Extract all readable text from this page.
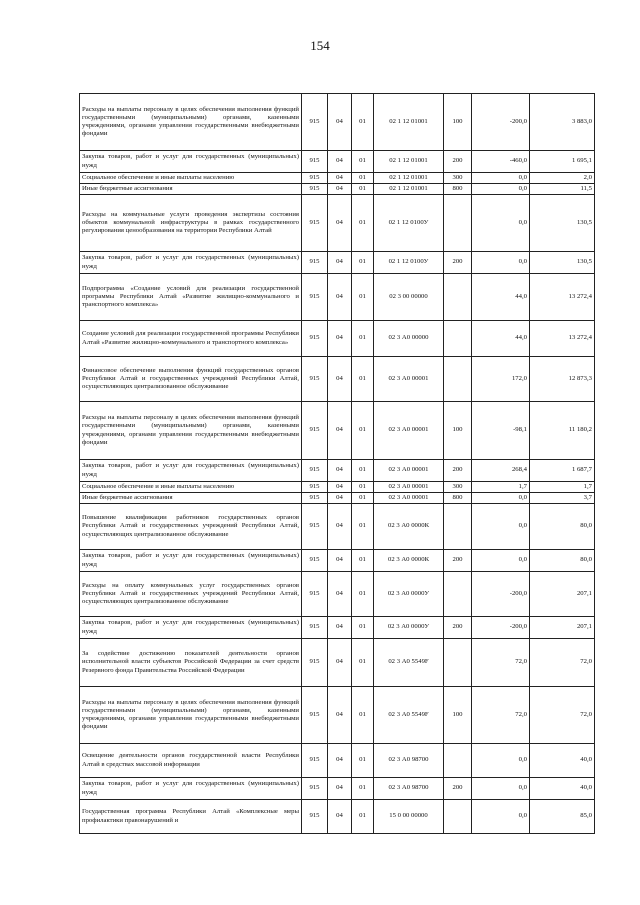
154
Расходы на выплаты персоналу в целях обеспечения выполнения функций государственными (муниципальными) органами, казенными учреждениями, органами управления государственными внебюджетными фондами	915	04	01	02 1 12 01001	100	-200,0	3 883,0
Закупка товаров, работ и услуг для государственных (муниципальных) нужд	915	04	01	02 1 12 01001	200	-460,0	1 695,1
Социальное обеспечение и иные выплаты населению	915	04	01	02 1 12 01001	300	0,0	2,0
Иные бюджетные ассигнования	915	04	01	02 1 12 01001	800	0,0	11,5
Расходы на коммунальные услуги проведения экспертизы состояния объектов коммунальной инфраструктуры в рамках государственного регулирования ценообразования на территории Республики Алтай	915	04	01	02 1 12 0100У		0,0	130,5
Закупка товаров, работ и услуг для государственных (муниципальных) нужд	915	04	01	02 1 12 0100У	200	0,0	130,5
Подпрограмма «Создание условий для реализации государственной программы Республики Алтай «Развитие жилищно-коммунального и транспортного комплекса»	915	04	01	02 3 00 00000		44,0	13 272,4
Создание условий для реализации государственной программы Республики Алтай «Развитие жилищно-коммунального и транспортного комплекса»	915	04	01	02 3 А0 00000		44,0	13 272,4
Финансовое обеспечение выполнения функций государственных органов Республики Алтай и государственных учреждений Республики Алтай, осуществляющих централизованное обслуживание	915	04	01	02 3 А0 00001		172,0	12 873,3
Расходы на выплаты персоналу в целях обеспечения выполнения функций государственными (муниципальными) органами, казенными учреждениями, органами управления государственными внебюджетными фондами	915	04	01	02 3 А0 00001	100	-98,1	11 180,2
Закупка товаров, работ и услуг для государственных (муниципальных) нужд	915	04	01	02 3 А0 00001	200	268,4	1 687,7
Социальное обеспечение и иные выплаты населению	915	04	01	02 3 А0 00001	300	1,7	1,7
Иные бюджетные ассигнования	915	04	01	02 3 А0 00001	800	0,0	3,7
Повышение квалификации работников государственных органов Республики Алтай и государственных учреждений Республики Алтай, осуществляющих централизованное обслуживание	915	04	01	02 3 А0 0000К		0,0	80,0
Закупка товаров, работ и услуг для государственных (муниципальных) нужд	915	04	01	02 3 А0 0000К	200	0,0	80,0
Расходы на оплату коммунальных услуг государственных органов Республики Алтай и государственных учреждений Республики Алтай, осуществляющих централизованное обслуживание	915	04	01	02 3 А0 0000У		-200,0	207,1
Закупка товаров, работ и услуг для государственных (муниципальных) нужд	915	04	01	02 3 А0 0000У	200	-200,0	207,1
За содействие достижению показателей деятельности органов исполнительной власти субъектов Российской Федерации за счет средств Резервного фонда Правительства Российской Федерации	915	04	01	02 3 А0 5549F		72,0	72,0
Расходы на выплаты персоналу в целях обеспечения выполнения функций государственными (муниципальными) органами, казенными учреждениями, органами управления государственными внебюджетными фондами	915	04	01	02 3 А0 5549F	100	72,0	72,0
Освещение деятельности органов государственной власти Республики Алтай в средствах массовой информации	915	04	01	02 3 А0 98700		0,0	40,0
Закупка товаров, работ и услуг для государственных (муниципальных) нужд	915	04	01	02 3 А0 98700	200	0,0	40,0
Государственная программа Республики Алтай «Комплексные меры профилактики правонарушений и	915	04	01	15 0 00 00000		0,0	85,0
